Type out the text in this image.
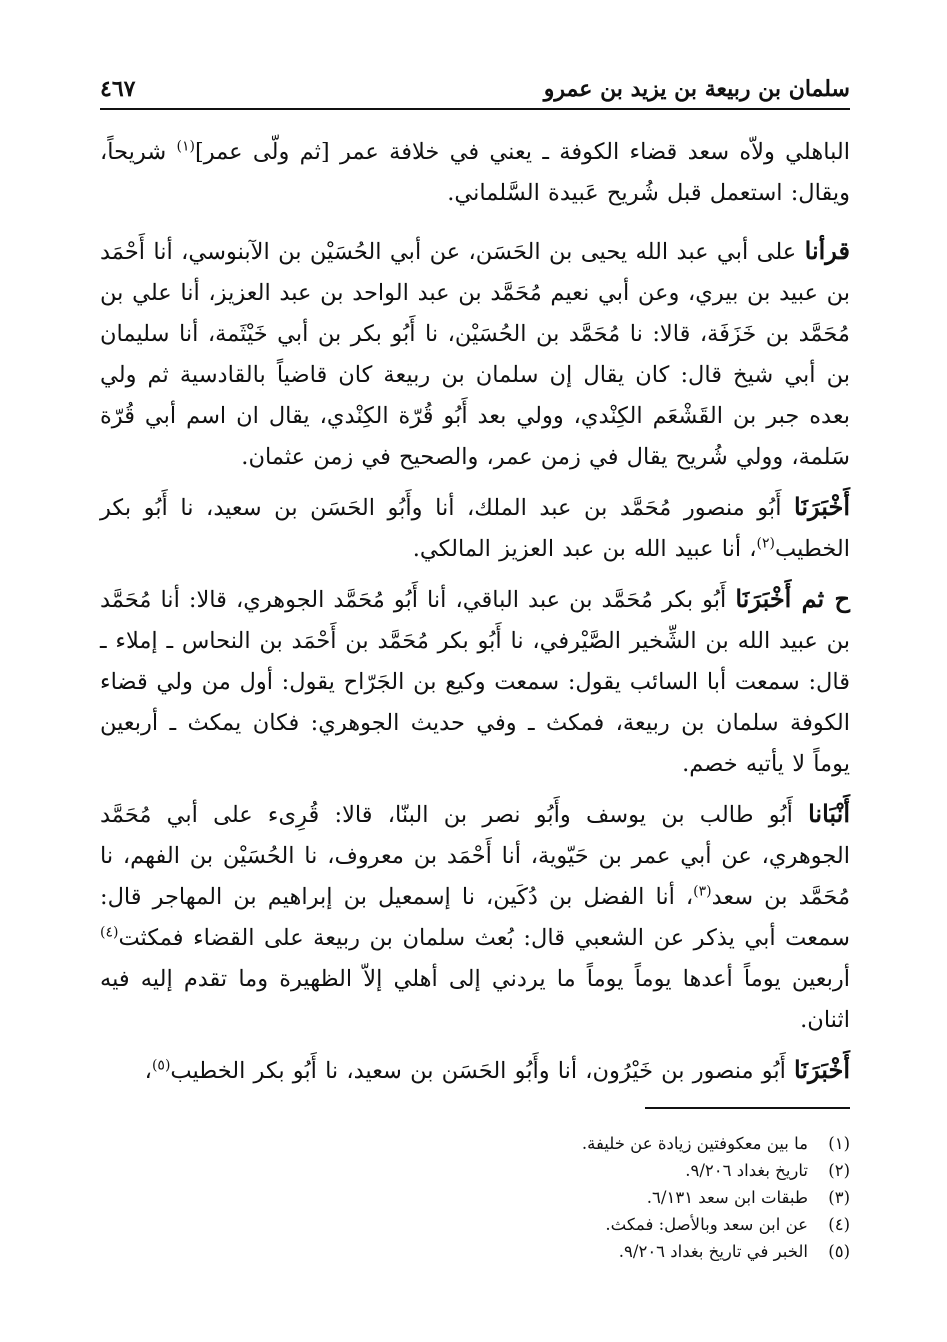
سلمان بن ربيعة بن يزيد بن عمرو
٤٦٧

الباهلي ولاّه سعد قضاء الكوفة ـ يعني في خلافة عمر [ثم ولّى عمر]$^{(١)}$ شريحاً، ويقال: استعمل قبل شُريح عَبيدة السَّلماني.

قرأنا على أبي عبد الله يحيى بن الحَسَن، عن أبي الحُسَيْن بن الآبنوسي، أنا أَحْمَد بن عبيد بن بيري، وعن أبي نعيم مُحَمَّد بن عبد الواحد بن عبد العزيز، أنا علي بن مُحَمَّد بن خَزَفَة، قالا: نا مُحَمَّد بن الحُسَيْن، نا أَبُو بكر بن أبي خَيْثَمة، أنا سليمان بن أبي شيخ قال: كان يقال إن سلمان بن ربيعة كان قاضياً بالقادسية ثم ولي بعده جبر بن القَشْعَم الكِنْدي، وولي بعد أَبُو قُرّة الكِنْدي، يقال ان اسم أبي قُرّة سَلمة، وولي شُريح يقال في زمن عمر، والصحيح في زمن عثمان.

أَخْبَرَنَا أَبُو منصور مُحَمَّد بن عبد الملك، أنا وأَبُو الحَسَن بن سعيد، نا أَبُو بكر الخطيب$^{(٢)}$، أنا عبيد الله بن عبد العزيز المالكي.

ح ثم أَخْبَرَنَا أَبُو بكر مُحَمَّد بن عبد الباقي، أنا أَبُو مُحَمَّد الجوهري، قالا: أنا مُحَمَّد بن عبيد الله بن الشِّخير الصَّيْرفي، نا أَبُو بكر مُحَمَّد بن أَحْمَد بن النحاس ـ إملاء ـ قال: سمعت أبا السائب يقول: سمعت وكيع بن الجَرّاح يقول: أول من ولي قضاء الكوفة سلمان بن ربيعة، فمكث ـ وفي حديث الجوهري: فكان يمكث ـ أربعين يوماً لا يأتيه خصم.

أَنْبَانا أَبُو طالب بن يوسف وأَبُو نصر بن البنّا، قالا: قُرِىء على أبي مُحَمَّد الجوهري، عن أبي عمر بن حَيّوية، أنا أَحْمَد بن معروف، نا الحُسَيْن بن الفهم، نا مُحَمَّد بن سعد$^{(٣)}$، أنا الفضل بن دُكَين، نا إسمعيل بن إبراهيم بن المهاجر قال: سمعت أبي يذكر عن الشعبي قال: بُعث سلمان بن ربيعة على القضاء فمكثت$^{(٤)}$ أربعين يوماً أعدها يوماً يوماً ما يردني إلى أهلي إلاّ الظهيرة وما تقدم إليه فيه اثنان.

أَخْبَرَنَا أَبُو منصور بن خَيْرُون، أنا وأَبُو الحَسَن بن سعيد، نا أَبُو بكر الخطيب$^{(٥)}$،

(١)
ما بين معكوفتين زيادة عن خليفة.
(٢)
تاريخ بغداد ٩/٢٠٦.
(٣)
طبقات ابن سعد ٦/١٣١.
(٤)
عن ابن سعد وبالأصل: فمكث.
(٥)
الخبر في تاريخ بغداد ٩/٢٠٦.
